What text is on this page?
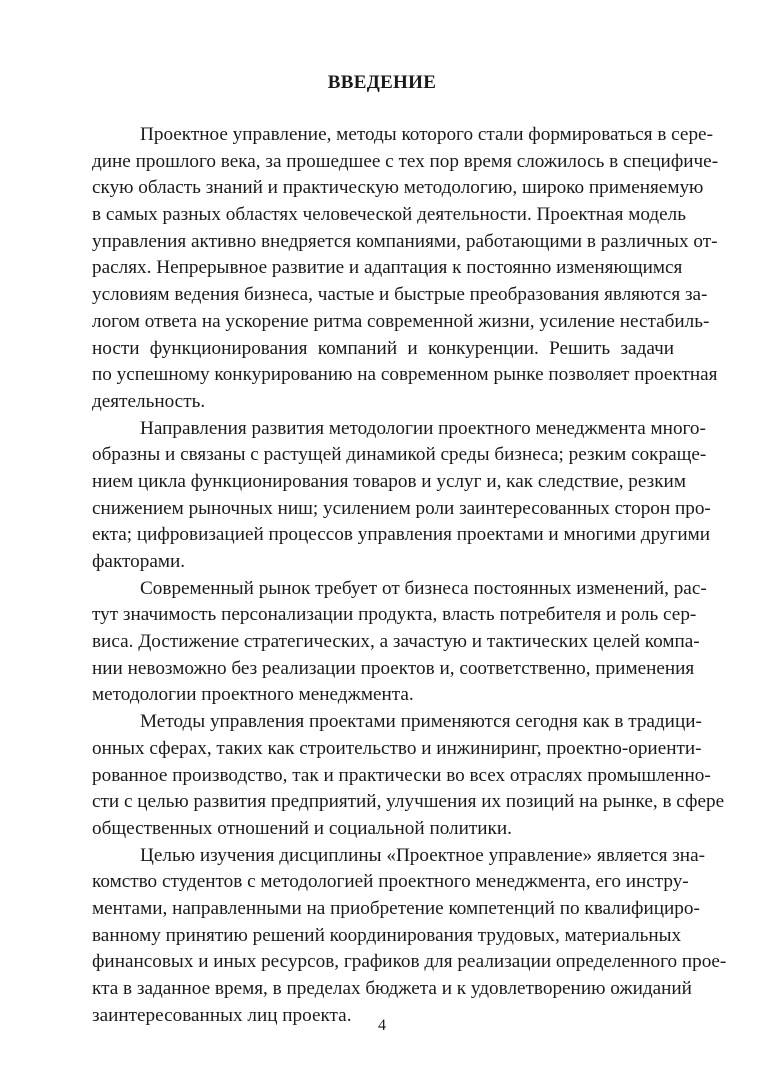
ВВЕДЕНИЕ
Проектное управление, методы которого стали формироваться в сере-
дине прошлого века, за прошедшее с тех пор время сложилось в специфиче-
скую область знаний и практическую методологию, широко применяемую
в самых разных областях человеческой деятельности. Проектная модель
управления активно внедряется компаниями, работающими в различных от-
раслях. Непрерывное развитие и адаптация к постоянно изменяющимся
условиям ведения бизнеса, частые и быстрые преобразования являются за-
логом ответа на ускорение ритма современной жизни, усиление нестабиль-
ности функционирования компаний и конкуренции. Решить задачи
по успешному конкурированию на современном рынке позволяет проектная
деятельность.
Направления развития методологии проектного менеджмента много-
образны и связаны с растущей динамикой среды бизнеса; резким сокраще-
нием цикла функционирования товаров и услуг и, как следствие, резким
снижением рыночных ниш; усилением роли заинтересованных сторон про-
екта; цифровизацией процессов управления проектами и многими другими
факторами.
Современный рынок требует от бизнеса постоянных изменений, рас-
тут значимость персонализации продукта, власть потребителя и роль сер-
виса. Достижение стратегических, а зачастую и тактических целей компа-
нии невозможно без реализации проектов и, соответственно, применения
методологии проектного менеджмента.
Методы управления проектами применяются сегодня как в традици-
онных сферах, таких как строительство и инжиниринг, проектно-ориенти-
рованное производство, так и практически во всех отраслях промышленно-
сти с целью развития предприятий, улучшения их позиций на рынке, в сфере
общественных отношений и социальной политики.
Целью изучения дисциплины «Проектное управление» является зна-
комство студентов с методологией проектного менеджмента, его инстру-
ментами, направленными на приобретение компетенций по квалифициро-
ванному принятию решений координирования трудовых, материальных
финансовых и иных ресурсов, графиков для реализации определенного проe-
кта в заданное время, в пределах бюджета и к удовлетворению ожиданий
заинтересованных лиц проекта.	4
